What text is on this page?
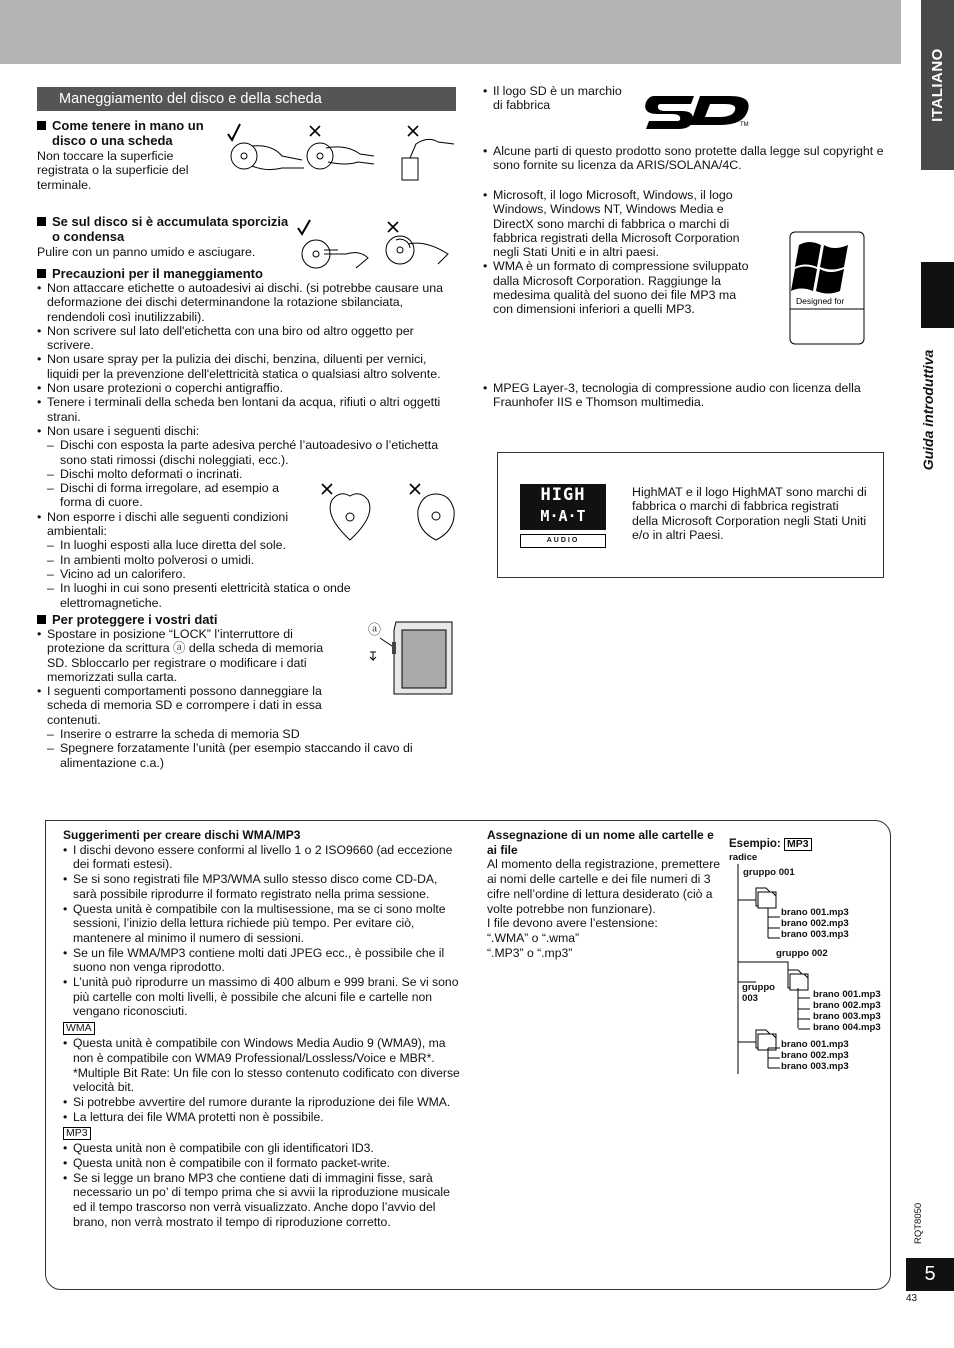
ITALIANO
Guida introduttiva
Maneggiamento del disco e della scheda
Come tenere in mano un disco o una scheda

Non toccare la superficie registrata o la superficie del terminale.

Se sul disco si è accumulata sporcizia o condensa

Pulire con un panno umido e asciugare.

Precauzioni per il maneggiamento
• Non attaccare etichette o autoadesivi ai dischi. (si potrebbe causare una deformazione dei dischi determinandone la rotazione sbilanciata, rendendoli così inutilizzabili).
• Non scrivere sul lato dell'etichetta con una biro od altro oggetto per scrivere.
• Non usare spray per la pulizia dei dischi, benzina, diluenti per vernici, liquidi per la prevenzione dell'elettricità statica o qualsiasi altro solvente.
• Non usare protezioni o coperchi antigraffio.
• Tenere i terminali della scheda ben lontani da acqua, rifiuti o altri oggetti strani.
• Non usare i seguenti dischi:
– Dischi con esposta la parte adesiva perché l’autoadesivo o l’etichetta sono stati rimossi (dischi noleggiati, ecc.).
– Dischi molto deformati o incrinati.
– Dischi di forma irregolare, ad esempio a forma di cuore.
• Non esporre i dischi alle seguenti condizioni ambientali:
– In luoghi esposti alla luce diretta del sole.
– In ambienti molto polverosi o umidi.
– Vicino ad un calorifero.
– In luoghi in cui sono presenti elettricità statica o onde elettromagnetiche.
Per proteggere i vostri dati
• Spostare in posizione “LOCK” l’interruttore di protezione da scrittura ⓐ della scheda di memoria SD. Sbloccarlo per registrare o modificare i dati memorizzati sulla carta.
• I seguenti comportamenti possono danneggiare la scheda di memoria SD e corrompere i dati in essa contenuti.
– Inserire o estrarre la scheda di memoria SD
– Spegnere forzatamente l’unità (per esempio staccando il cavo di alimentazione c.a.)
ⓐ
• Il logo SD è un marchio di fabbrica
TM
• Alcune parti di questo prodotto sono protette dalla legge sul copyright e sono fornite su licenza da ARIS/SOLANA/4C.
• Microsoft, il logo Microsoft, Windows, il logo Windows, Windows NT, Windows Media e DirectX sono marchi di fabbrica o marchi di fabbrica registrati della Microsoft Corporation negli Stati Uniti e in altri paesi.
• WMA è un formato di compressione sviluppato dalla Microsoft Corporation. Raggiunge la medesima qualità del suono dei file MP3 ma con dimensioni inferiori a quelli MP3.
Designed for
• MPEG Layer-3, tecnologia di compressione audio con licenza della Fraunhofer IIS e Thomson multimedia.
HIGH
M·A·T
AUDIO
HighMAT e il logo HighMAT sono marchi di fabbrica o marchi di fabbrica registrati della Microsoft Corporation negli Stati Uniti e/o in altri Paesi.
Suggerimenti per creare dischi WMA/MP3
• I dischi devono essere conformi al livello 1 o 2 ISO9660 (ad eccezione dei formati estesi).
• Se si sono registrati file MP3/WMA sullo stesso disco come CD-DA, sarà possibile riprodurre il formato registrato nella prima sessione.
• Questa unità è compatibile con la multisessione, ma se ci sono molte sessioni, l’inizio della lettura richiede più tempo. Per evitare ciò, mantenere al minimo il numero di sessioni.
• Se un file WMA/MP3 contiene molti dati JPEG ecc., è possibile che il suono non venga riprodotto.
• L’unità può riprodurre un massimo di 400 album e 999 brani. Se vi sono più cartelle con molti livelli, è possibile che alcuni file e cartelle non vengano riconosciuti.
WMA
• Questa unità è compatibile con Windows Media Audio 9 (WMA9), ma non è compatibile con WMA9 Professional/Lossless/Voice e MBR*.
*Multiple Bit Rate: Un file con lo stesso contenuto codificato con diverse velocità bit.
• Si potrebbe avvertire del rumore durante la riproduzione dei file WMA.
• La lettura dei file WMA protetti non è possibile.
MP3
• Questa unità non è compatibile con gli identificatori ID3.
• Questa unità non è compatibile con il formato packet-write.
• Se si legge un brano MP3 che contiene dati di immagini fisse, sarà necessario un po’ di tempo prima che si avvii la riproduzione musicale ed il tempo trascorso non verrà visualizzato. Anche dopo l’avvio del brano, non verrà mostrato il tempo di riproduzione corretto.
Assegnazione di un nome alle cartelle e ai file
Al momento della registrazione, premettere ai nomi delle cartelle e dei file numeri di 3 cifre nell’ordine di lettura desiderato (ciò a volte potrebbe non funzionare).
I file devono avere l’estensione:
“.WMA” o “.wma”
“.MP3” o “.mp3”
Esempio: MP3
radice
gruppo 001
brano 001.mp3
brano 002.mp3
brano 003.mp3
gruppo 002
brano 001.mp3
brano 002.mp3
brano 003.mp3
brano 004.mp3
gruppo
003
brano 001.mp3
brano 002.mp3
brano 003.mp3
RQT8050
5
43
